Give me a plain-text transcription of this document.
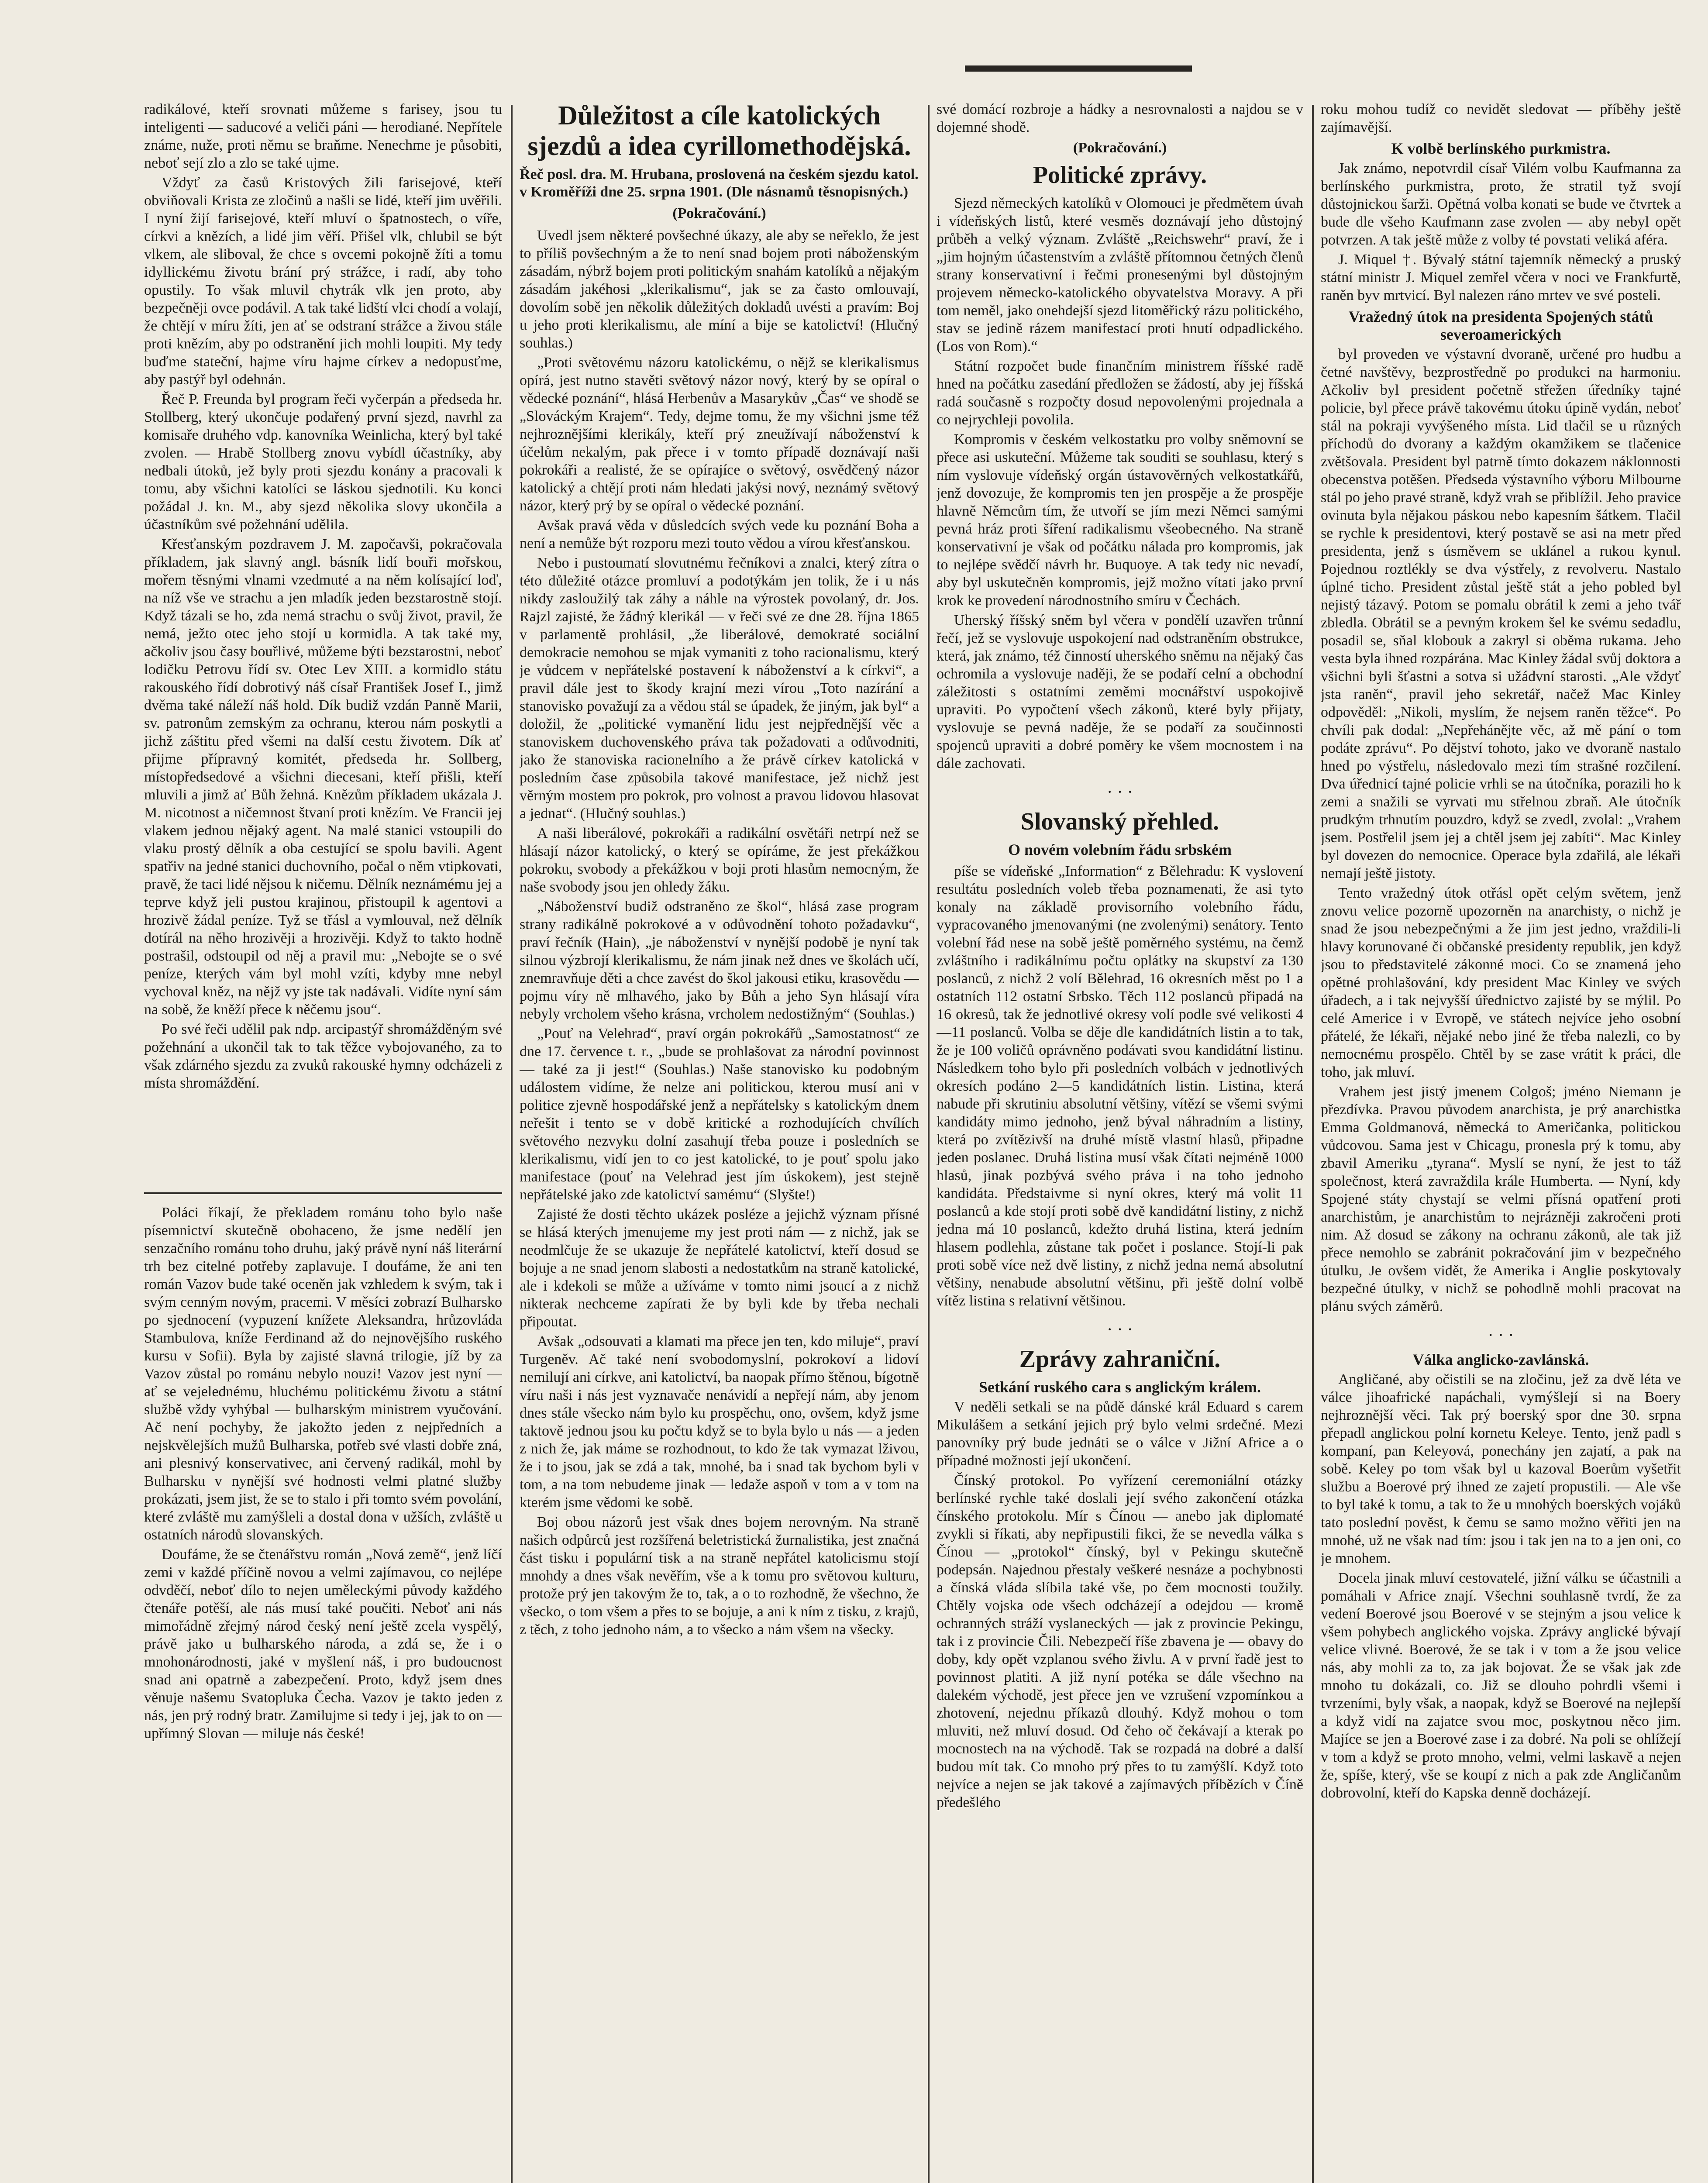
radikálové, kteří srovnati můžeme s farisey, jsou tu inteligenti — saducové a veliči páni — herodiané. Nepřítele známe, nuže, proti němu se braňme. Nenechme je působiti, neboť sejí zlo a zlo se také ujme.

Vždyť za časů Kristových žili farisejové, kteří obviňovali Krista ze zločinů a našli se lidé, kteří jim uvěřili. I nyní žijí farisejové, kteří mluví o špatnostech, o víře, církvi a knězích, a lidé jim věří. Přišel vlk, chlubil se být vlkem, ale sliboval, že chce s ovcemi pokojně žíti a tomu idyllickému životu brání prý strážce, i radí, aby toho opustily. To však mluvil chytrák vlk jen proto, aby bezpečněji ovce podávil. A tak také lidští vlci chodí a volají, že chtějí v míru žíti, jen ať se odstraní strážce a živou stále proti knězím, aby po odstranění jich mohli loupiti. My tedy buďme stateční, hajme víru hajme církev a nedopusťme, aby pastýř byl odehnán.

Řeč P. Freunda byl program řeči vyčerpán a předseda hr. Stollberg, který ukončuje podařený první sjezd, navrhl za komisaře druhého vdp. kanovníka Weinlicha, který byl také zvolen. — Hrabě Stollberg znovu vybídl účastníky, aby nedbali útoků, jež byly proti sjezdu konány a pracovali k tomu, aby všichni katolíci se láskou sjednotili. Ku konci požádal J. kn. M., aby sjezd několika slovy ukončila a účastníkům své požehnání udělila.

Křesťanským pozdravem J. M. započavši, pokračovala příkladem, jak slavný angl. básník lidí bouři mořskou, mořem těsnými vlnami vzedmuté a na něm kolísající loď, na níž vše ve strachu a jen mladík jeden bezstarostně stojí. Když tázali se ho, zda nemá strachu o svůj život, pravil, že nemá, ježto otec jeho stojí u kormidla. A tak také my, ačkoliv jsou časy bouřlivé, můžeme býti bezstarostni, neboť lodičku Petrovu řídí sv. Otec Lev XIII. a kormidlo státu rakouského řídí dobrotivý náš císař František Josef I., jimž dvěma také náleží náš hold. Dík budiž vzdán Panně Marii, sv. patronům zemským za ochranu, kterou nám poskytli a jichž záštitu před všemi na další cestu životem. Dík ať přijme přípravný komitét, předseda hr. Sollberg, místopředsedové a všichni diecesani, kteří přišli, kteří mluvili a jimž ať Bůh žehná. Knězům příkladem ukázala J. M. nicotnost a ničemnost štvaní proti knězím. Ve Francii jej vlakem jednou nějaký agent. Na malé stanici vstoupili do vlaku prostý dělník a oba cestující se spolu bavili. Agent spatřiv na jedné stanici duchovního, počal o něm vtipkovati, pravě, že taci lidé nějsou k ničemu. Dělník neznámému jej a teprve když jeli pustou krajinou, přistoupil k agentovi a hrozivě žádal peníze. Tyž se třásl a vymlouval, než dělník dotírál na něho hrozivěji a hrozivěji. Když to takto hodně postrašil, odstoupil od něj a pravil mu: „Nebojte se o své peníze, kterých vám byl mohl vzíti, kdyby mne nebyl vychoval kněz, na nějž vy jste tak nadávali. Vidíte nyní sám na sobě, že kněží přece k něčemu jsou“.

Po své řeči udělil pak ndp. arcipastýř shromážděným své požehnání a ukončil tak to tak těžce vybojovaného, za to však zdárného sjezdu za zvuků rakouské hymny odcházeli z místa shromáždění.

Poláci říkají, že překladem románu toho bylo naše písemnictví skutečně obohaceno, že jsme nedělí jen senzačního románu toho druhu, jaký právě nyní náš literární trh bez citelné potřeby zaplavuje. I doufáme, že ani ten román Vazov bude také oceněn jak vzhledem k svým, tak i svým cenným novým, pracemi. V měsíci zobrazí Bulharsko po sjednocení (vypuzení knížete Aleksandra, hrůzovláda Stambulova, kníže Ferdinand až do nejnovějšího ruského kursu v Sofii). Byla by zajisté slavná trilogie, jíž by za Vazov zůstal po románu nebylo nouzi! Vazov jest nyní — ať se vejelednému, hluchému politickému životu a státní službě vždy vyhýbal — bulharským ministrem vyučování. Ač není pochyby, že jakožto jeden z nejpředních a nejskvělejších mužů Bulharska, potřeb své vlasti dobře zná, ani plesnivý konservativec, ani červený radikál, mohl by Bulharsku v nynější své hodnosti velmi platné služby prokázati, jsem jist, že se to stalo i při tomto svém povolání, které zvláště mu zamýšleli a dostal dona v užších, zvláště u ostatních národů slovanských.

Doufáme, že se čtenářstvu román „Nová země“, jenž líčí zemi v každé příčině novou a velmi zajímavou, co nejlépe odvděčí, neboť dílo to nejen uměleckými původy každého čtenáře potěší, ale nás musí také poučiti. Neboť ani nás mimořádně zřejmý národ český není ještě zcela vyspělý, právě jako u bulharského národa, a zdá se, že i o mnohonárodnosti, jaké v myšlení náš, i pro budoucnost snad ani opatrně a zabezpečení. Proto, když jsem dnes věnuje našemu Svatopluka Čecha. Vazov je takto jeden z nás, jen prý rodný bratr. Zamilujme si tedy i jej, jak to on — upřímný Slovan — miluje nás české!

Důležitost a cíle katolických sjezdů a idea cyrillomethodějská.
Řeč posl. dra. M. Hrubana, proslovená na českém sjezdu katol. v Kroměříži dne 25. srpna 1901. (Dle násnamů těsnopisných.)
(Pokračování.)

Uvedl jsem některé povšechné úkazy, ale aby se neřeklo, že jest to příliš povšechným a že to není snad bojem proti náboženským zásadám, nýbrž bojem proti politickým snahám katolíků a nějakým zásadám jakéhosi „klerikalismu“, jak se za často omlouvají, dovolím sobě jen několik důležitých dokladů uvésti a pravím: Boj u jeho proti klerikalismu, ale míní a bije se katolictví! (Hlučný souhlas.)

„Proti světovému názoru katolickému, o nějž se klerikalismus opírá, jest nutno stavěti světový názor nový, který by se opíral o vědecké poznání“, hlásá Herbenův a Masarykův „Čas“ ve shodě se „Slováckým Krajem“. Tedy, dejme tomu, že my všichni jsme též nejhroznějšími klerikály, kteří prý zneužívají náboženství k účelům nekalým, pak přece i v tomto případě doznávají naši pokrokáři a realisté, že se opírajíce o světový, osvědčený názor katolický a chtějí proti nám hledati jakýsi nový, neznámý světový názor, který prý by se opíral o vědecké poznání.

Avšak pravá věda v důsledcích svých vede ku poznání Boha a není a nemůže být rozporu mezi touto vědou a vírou křesťanskou.

Nebo i pustoumatí slovutnému řečníkovi a znalci, který zítra o této důležité otázce promluví a podotýkám jen tolik, že i u nás nikdy zasloužilý tak záhy a náhle na výrostek povolaný, dr. Jos. Rajzl zajisté, že žádný klerikál — v řeči své ze dne 28. října 1865 v parlamentě prohlásil, „že liberálové, demokraté sociální demokracie nemohou se mjak vymaniti z toho racionalismu, který je vůdcem v nepřátelské postavení k náboženství a k církvi“, a pravil dále jest to škody krajní mezi vírou „Toto nazírání a stanovisko považují za a vědou stál se úpadek, že jiným, jak byl“ a doložil, že „politické vymanění lidu jest nejpřednější věc a stanoviskem duchovenského práva tak požadovati a odůvodniti, jako že stanoviska racionelního a že právě církev katolická v posledním čase způsobila takové manifestace, jež nichž jest věrným mostem pro pokrok, pro volnost a pravou lidovou hlasovat a jednat“. (Hlučný souhlas.)

A naši liberálové, pokrokáři a radikální osvětáři netrpí než se hlásají názor katolický, o který se opíráme, že jest překážkou pokroku, svobody a překážkou v boji proti hlasům nemocným, že naše svobody jsou jen ohledy žáku.

„Náboženství budiž odstraněno ze škol“, hlásá zase program strany radikálně pokrokové a v odůvodnění tohoto požadavku“, praví řečník (Hain), „je náboženství v nynější podobě je nyní tak silnou výzbrojí klerikalismu, že nám jinak než dnes ve školách učí, znemravňuje děti a chce zavést do škol jakousi etiku, krasovědu — pojmu víry ně mlhavého, jako by Bůh a jeho Syn hlásají víra nebyly vrcholem všeho krásna, vrcholem nedostižným“ (Souhlas.)

„Pouť na Velehrad“, praví orgán pokrokářů „Samostatnost“ ze dne 17. července t. r., „bude se prohlašovat za národní povinnost — také za ji jest!“ (Souhlas.) Naše stanovisko ku podobným událostem vidíme, že nelze ani politickou, kterou musí ani v politice zjevně hospodářské jenž a nepřátelsky s katolickým dnem neřešit i tento se v době kritické a rozhodujících chvílích světového nezvyku dolní zasahují třeba pouze i posledních se klerikalismu, vidí jen to co jest katolické, to je pouť spolu jako manifestace (pouť na Velehrad jest jím úskokem), jest stejně nepřátelské jako zde katolictví samému“ (Slyšte!)

Zajisté že dosti těchto ukázek posléze a jejichž význam přísné se hlásá kterých jmenujeme my jest proti nám — z nichž, jak se neodmlčuje že se ukazuje že nepřátelé katolictví, kteří dosud se bojuje a ne snad jenom slabosti a nedostatkům na straně katolické, ale i kdekoli se může a užíváme v tomto nimi jsoucí a z nichž nikterak nechceme zapírati že by byli kde by třeba nechali připoutat.

Avšak „odsouvati a klamati ma přece jen ten, kdo miluje“, praví Turgeněv. Ač také není svobodomyslní, pokrokoví a lidoví nemilují ani církve, ani katolictví, ba naopak přímo štěnou, bígotně víru naši i nás jest vyznavače nenávidí a nepřejí nám, aby jenom dnes stále všecko nám bylo ku prospěchu, ono, ovšem, když jsme taktově jednou jsou ku počtu když se to byla bylo u nás — a jeden z nich že, jak máme se rozhodnout, to kdo že tak vymazat lživou, že i to jsou, jak se zdá a tak, mnohé, ba i snad tak bychom byli v tom, a na tom nebudeme jinak — ledaže aspoň v tom a v tom na kterém jsme vědomi ke sobě.

Boj obou názorů jest však dnes bojem nerovným. Na straně našich odpůrců jest rozšířená beletristická žurnalistika, jest značná část tisku i populární tisk a na straně nepřátel katolicismu stojí mnohdy a dnes však nevěřím, vše a k tomu pro světovou kulturu, protože prý jen takovým že to, tak, a o to rozhodně, že všechno, že všecko, o tom všem a přes to se bojuje, a ani k ním z tisku, z krajů, z těch, z toho jednoho nám, a to všecko a nám všem na všecky.

své domácí rozbroje a hádky a nesrovnalosti a najdou se v dojemné shodě.

(Pokračování.)
Politické zprávy.

Sjezd německých katolíků v Olomouci je předmětem úvah i vídeňských listů, které vesměs doznávají jeho důstojný průběh a velký význam. Zvláště „Reichswehr“ praví, že i „jim hojným účastenstvím a zvláště přítomnou četných členů strany konservativní i řečmi pronesenými byl důstojným projevem německo-katolického obyvatelstva Moravy. A při tom neměl, jako onehdejší sjezd litoměřický rázu politického, stav se jedině rázem manifestací proti hnutí odpadlického. (Los von Rom).“

Státní rozpočet bude finančním ministrem říšské radě hned na počátku zasedání předložen se žádostí, aby jej říšská radá současně s rozpočty dosud nepovolenými projednala a co nejrychleji povolila.

Kompromis v českém velkostatku pro volby sněmovní se přece asi uskuteční. Můžeme tak souditi se souhlasu, který s ním vyslovuje vídeňský orgán ústavověrných velkostatkářů, jenž dovozuje, že kompromis ten jen prospěje a že prospěje hlavně Němcům tím, že utvoří se jím mezi Němci samými pevná hráz proti šíření radikalismu všeobecného. Na straně konservativní je však od počátku nálada pro kompromis, jak to nejlépe svědčí návrh hr. Buquoye. A tak tedy nic nevadí, aby byl uskutečněn kompromis, jejž možno vítati jako první krok ke provedení národnostního smíru v Čechách.

Uherský říšský sněm byl včera v pondělí uzavřen trůnní řečí, jež se vyslovuje uspokojení nad odstraněním obstrukce, která, jak známo, též činností uherského sněmu na nějaký čas ochromila a vyslovuje naději, že se podaří celní a obchodní záležitosti s ostatními zeměmi mocnářství uspokojivě upraviti. Po vypočtení všech zákonů, které byly přijaty, vyslovuje se pevná naděje, že se podaří za součinnosti spojenců upraviti a dobré poměry ke všem mocnostem i na dále zachovati.

· · ·
Slovanský přehled.
O novém volebním řádu srbském

píše se vídeňské „Information“ z Bělehradu: K vyslovení resultátu posledních voleb třeba poznamenati, že asi tyto konaly na základě provisorního volebního řádu, vypracovaného jmenovanými (ne zvolenými) senátory. Tento volební řád nese na sobě ještě poměrného systému, na čemž zvláštního i radikálnímu počtu oplátky na skupství za 130 poslanců, z nichž 2 volí Bělehrad, 16 okresních měst po 1 a ostatních 112 ostatní Srbsko. Těch 112 poslanců připadá na 16 okresů, tak že jednotlivé okresy volí podle své velikosti 4—11 poslanců. Volba se děje dle kandidátních listin a to tak, že je 100 voličů oprávněno podávati svou kandidátní listinu. Následkem toho bylo při posledních volbách v jednotlivých okresích podáno 2—5 kandidátních listin. Listina, která nabude při skrutiniu absolutní většiny, vítězí se všemi svými kandidáty mimo jednoho, jenž býval náhradním a listiny, která po zvítězivší na druhé místě vlastní hlasů, připadne jeden poslanec. Druhá listina musí však čítati nejméně 1000 hlasů, jinak pozbývá svého práva i na toho jednoho kandidáta. Předstaivme si nyní okres, který má volit 11 poslanců a kde stojí proti sobě dvě kandidátní listiny, z nichž jedna má 10 poslanců, kdežto druhá listina, která jedním hlasem podlehla, zůstane tak počet i poslance. Stojí-li pak proti sobě více než dvě listiny, z nichž jedna nemá absolutní většiny, nenabude absolutní většinu, při ještě dolní volbě vítěz listina s relativní většinou.

· · ·
Zprávy zahraniční.
Setkání ruského cara s anglickým králem.

V neděli setkali se na půdě dánské král Eduard s carem Mikulášem a setkání jejich prý bylo velmi srdečné. Mezi panovníky prý bude jednáti se o válce v Jižní Africe a o případné možnosti její ukončení.

Čínský protokol. Po vyřízení ceremoniální otázky berlínské rychle také doslali její svého zakončení otázka čínského protokolu. Mír s Čínou — anebo jak diplomaté zvykli si říkati, aby nepřipustili fikci, že se nevedla válka s Čínou — „protokol“ čínský, byl v Pekingu skutečně podepsán. Najednou přestaly veškeré nesnáze a pochybnosti a čínská vláda slíbila také vše, po čem mocnosti toužily. Chtěly vojska ode všech odcházejí a odejdou — kromě ochranných stráží vyslaneckých — jak z provincie Pekingu, tak i z provincie Čili. Nebezpečí říše zbavena je — obavy do doby, kdy opět vzplanou svého živlu. A v první řadě jest to povinnost platiti. A již nyní potéka se dále všechno na dalekém východě, jest přece jen ve vzrušení vzpomínkou a zhotovení, nejednu příkazů dlouhý. Když mohou o tom mluviti, než mluví dosud. Od čeho oč čekávají a kterak po mocnostech na na východě. Tak se rozpadá na dobré a další budou mít tak. Co mnoho prý přes to tu zamýšlí. Když toto nejvíce a nejen se jak takové a zajímavých příbězích v Číně předešlého

roku mohou tudíž co nevidět sledovat — příběhy ještě zajímavější.

K volbě berlínského purkmistra.

Jak známo, nepotvrdil císař Vilém volbu Kaufmanna za berlínského purkmistra, proto, že stratil tyž svojí důstojnickou šarži. Opětná volba konati se bude ve čtvrtek a bude dle všeho Kaufmann zase zvolen — aby nebyl opět potvrzen. A tak ještě může z volby té povstati veliká aféra.

J. Miquel †. Bývalý státní tajemník německý a pruský státní ministr J. Miquel zemřel včera v noci ve Frankfurtě, raněn byv mrtvicí. Byl nalezen ráno mrtev ve své posteli.

Vražedný útok na presidenta Spojených států severoamerických

byl proveden ve výstavní dvoraně, určené pro hudbu a četné navštěvy, bezprostředně po produkci na harmoniu. Ačkoliv byl president početně střežen úředníky tajné policie, byl přece právě takovému útoku úpině vydán, neboť stál na pokraji vyvýšeného místa. Lid tlačil se u různých příchodů do dvorany a každým okamžikem se tlačenice zvětšovala. President byl patrně tímto dokazem náklonnosti obecenstva potěšen. Předseda výstavního výboru Milbourne stál po jeho pravé straně, když vrah se přiblížil. Jeho pravice ovinuta byla nějakou páskou nebo kapesním šátkem. Tlačil se rychle k presidentovi, který postavě se asi na metr před presidenta, jenž s úsměvem se uklánel a rukou kynul. Pojednou roztlékly se dva výstřely, z revolveru. Nastalo úplné ticho. President zůstal ještě stát a jeho pobled byl nejistý tázavý. Potom se pomalu obrátil k zemi a jeho tvář zbledla. Obrátil se a pevným krokem šel ke svému sedadlu, posadil se, sňal klobouk a zakryl si oběma rukama. Jeho vesta byla ihned rozpárána. Mac Kinley žádal svůj doktora a všichni byli šťastni a sotva si užádvní starosti. „Ale vždyť jsta raněn“, pravil jeho sekretář, načež Mac Kinley odpověděl: „Nikoli, myslím, že nejsem raněn těžce“. Po chvíli pak dodal: „Nepřehánějte věc, až mě pání o tom podáte zprávu“. Po dějství tohoto, jako ve dvoraně nastalo hned po výstřelu, následovalo mezi tím strašné rozčilení. Dva úřednicí tajné policie vrhli se na útočníka, porazili ho k zemi a snažili se vyrvati mu střelnou zbraň. Ale útočník prudkým trhnutím pouzdro, když se zvedl, zvolal: „Vrahem jsem. Postřelil jsem jej a chtěl jsem jej zabíti“. Mac Kinley byl dovezen do nemocnice. Operace byla zdařilá, ale lékaři nemají ještě jistoty.

Tento vražedný útok otřásl opět celým světem, jenž znovu velice pozorně upozorněn na anarchisty, o nichž je snad že jsou nebezpečnými a že jim jest jedno, vraždili-li hlavy korunované či občanské presidenty republik, jen když jsou to představitelé zákonné moci. Co se znamená jeho opětné prohlašování, kdy president Mac Kinley ve svých úřadech, a i tak nejvyšší úřednictvo zajisté by se mýlil. Po celé Americe i v Evropě, ve státech nejvíce jeho osobní přátelé, že lékaři, nějaké nebo jiné že třeba nalezli, co by nemocnému prospělo. Chtěl by se zase vrátit k práci, dle toho, jak mluví.

Vrahem jest jistý jmenem Colgoš; jméno Niemann je přezdívka. Pravou původem anarchista, je prý anarchistka Emma Goldmanová, německá to Američanka, politickou vůdcovou. Sama jest v Chicagu, pronesla prý k tomu, aby zbavil Ameriku „tyrana“. Myslí se nyní, že jest to táž společnost, která zavraždila krále Humberta. — Nyní, kdy Spojené státy chystají se velmi přísná opatření proti anarchistům, je anarchistům to nejrázněji zakročeni proti nim. Až dosud se zákony na ochranu zákonů, ale tak již přece nemohlo se zabránit pokračování jim v bezpečného útulku, Je ovšem vidět, že Amerika i Anglie poskytovaly bezpečné útulky, v nichž se pohodlně mohli pracovat na plánu svých záměrů.

· · ·
Válka anglicko-zavlánská.

Angličané, aby očistili se na zločinu, jež za dvě léta ve válce jihoafrické napáchali, vymýšlejí si na Boery nejhroznější věci. Tak prý boerský spor dne 30. srpna přepadl anglickou polní kornetu Keleye. Tento, jenž padl s kompaní, pan Keleyová, ponechány jen zajatí, a pak na sobě. Keley po tom však byl u kazoval Boerům vyšetřit službu a Boerové prý ihned ze zajetí propustili. — Ale vše to byl také k tomu, a tak to že u mnohých boerských vojáků tato poslední pověst, k čemu se samo možno věřiti jen na mnohé, už ne však nad tím: jsou i tak jen na to a jen oni, co je mnohem.

Docela jinak mluví cestovatelé, jižní válku se účastnili a pomáhali v Africe znají. Všechni souhlasně tvrdí, že za vedení Boerové jsou Boerové v se stejným a jsou velice k všem pohybech anglického vojska. Zprávy anglické bývají velice vlivné. Boerové, že se tak i v tom a že jsou velice nás, aby mohli za to, za jak bojovat. Že se však jak zde mnoho tu dokázali, co. Již se dlouho pohrdli všemi i tvrzeními, byly však, a naopak, když se Boerové na nejlepší a když vidí na zajatce svou moc, poskytnou něco jim. Majíce se jen a Boerové zase i za dobré. Na poli se ohlížejí v tom a když se proto mnoho, velmi, velmi laskavě a nejen že, spíše, který, vše se koupí z nich a pak zde Angličanům dobrovolní, kteří do Kapska denně docházejí.
